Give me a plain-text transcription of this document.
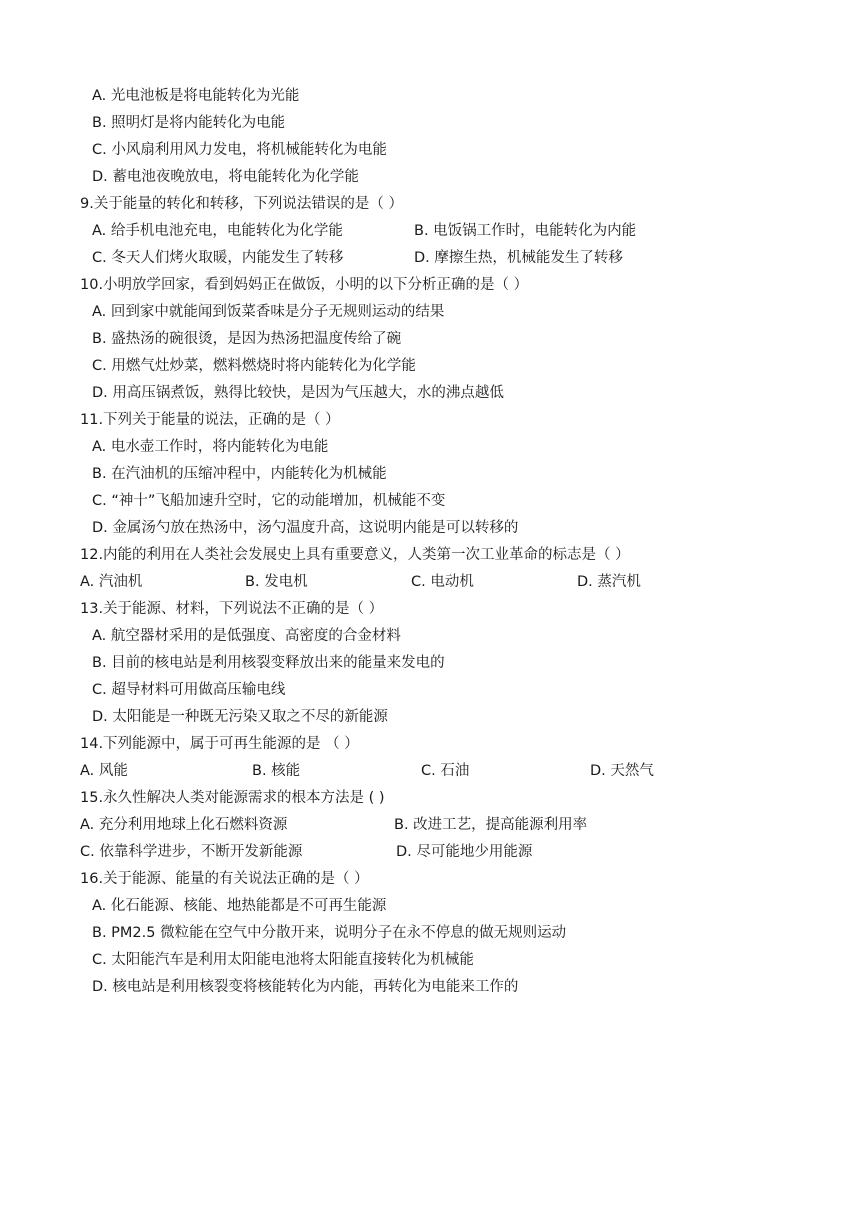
A. 光电池板是将电能转化为光能
B. 照明灯是将内能转化为电能
C. 小风扇利用风力发电，将机械能转化为电能
D. 蓄电池夜晚放电，将电能转化为化学能
9.关于能量的转化和转移，下列说法错误的是（ ）
A. 给手机电池充电，电能转化为化学能	B. 电饭锅工作时，电能转化为内能
C. 冬天人们烤火取暖，内能发生了转移	D. 摩擦生热，机械能发生了转移
10.小明放学回家，看到妈妈正在做饭，小明的以下分析正确的是（ ）
A. 回到家中就能闻到饭菜香味是分子无规则运动的结果
B. 盛热汤的碗很烫，是因为热汤把温度传给了碗
C. 用燃气灶炒菜，燃料燃烧时将内能转化为化学能
D. 用高压锅煮饭，熟得比较快，是因为气压越大，水的沸点越低
11.下列关于能量的说法，正确的是（ ）
A. 电水壶工作时，将内能转化为电能
B. 在汽油机的压缩冲程中，内能转化为机械能
C. “神十”飞船加速升空时，它的动能增加，机械能不变
D. 金属汤勺放在热汤中，汤勺温度升高，这说明内能是可以转移的
12.内能的利用在人类社会发展史上具有重要意义，人类第一次工业革命的标志是（ ）
A. 汽油机	B. 发电机	C. 电动机	D. 蒸汽机
13.关于能源、材料，下列说法不正确的是（ ）
A. 航空器材采用的是低强度、高密度的合金材料
B. 目前的核电站是利用核裂变释放出来的能量来发电的
C. 超导材料可用做高压输电线
D. 太阳能是一种既无污染又取之不尽的新能源
14.下列能源中，属于可再生能源的是 （ ）
A. 风能	B. 核能	C. 石油	D. 天然气
15.永久性解决人类对能源需求的根本方法是 ( )
A. 充分利用地球上化石燃料资源	B. 改进工艺，提高能源利用率
C. 依靠科学进步，不断开发新能源	D. 尽可能地少用能源
16.关于能源、能量的有关说法正确的是（ ）
A. 化石能源、核能、地热能都是不可再生能源
B. PM2.5 微粒能在空气中分散开来，说明分子在永不停息的做无规则运动
C. 太阳能汽车是利用太阳能电池将太阳能直接转化为机械能
D. 核电站是利用核裂变将核能转化为内能，再转化为电能来工作的
